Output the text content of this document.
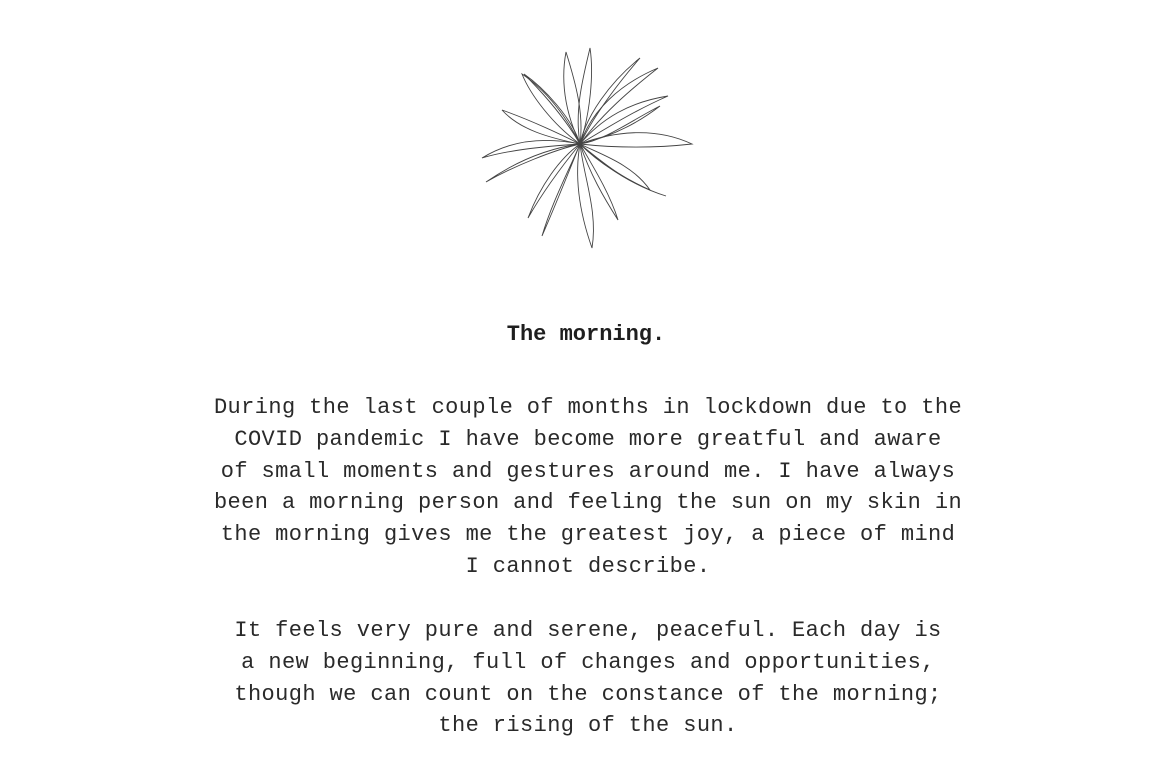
The morning.
During the last couple of months in lockdown due to the
COVID pandemic I have become more greatful and aware
of small moments and gestures around me. I have always
been a morning person and feeling the sun on my skin in
the morning gives me the greatest joy, a piece of mind
I cannot describe.
It feels very pure and serene, peaceful. Each day is
a new beginning, full of changes and opportunities,
though we can count on the constance of the morning;
the rising of the sun.
